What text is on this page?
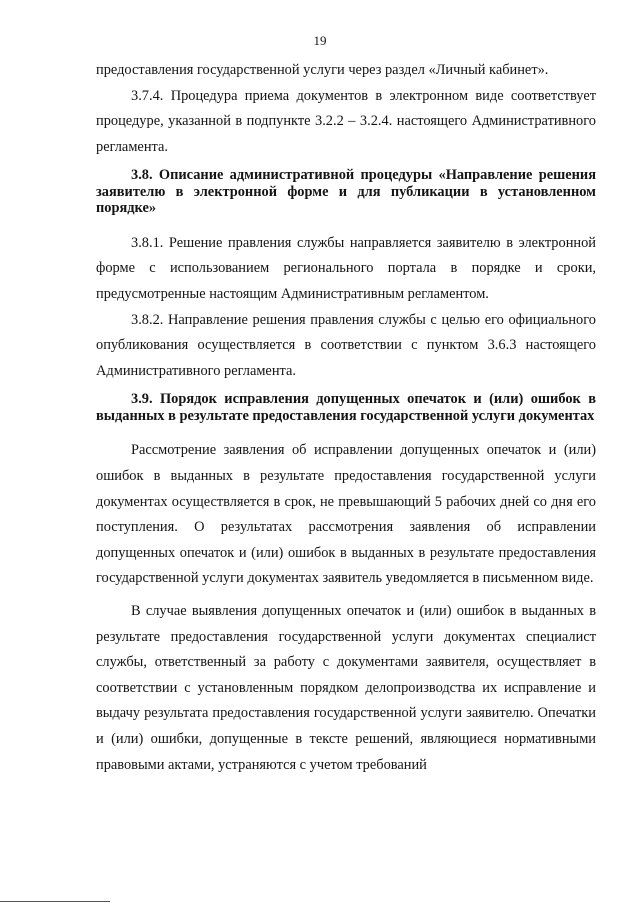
19

предоставления государственной услуги через раздел «Личный кабинет».

3.7.4. Процедура приема документов в электронном виде соответствует процедуре, указанной в подпункте 3.2.2 – 3.2.4. настоящего Административного регламента.

3.8. Описание административной процедуры «Направление решения заявителю в электронной форме и для публикации в установленном порядке»

3.8.1. Решение правления службы направляется заявителю в электронной форме с использованием регионального портала в порядке и сроки, предусмотренные настоящим Административным регламентом.

3.8.2. Направление решения правления службы с целью его официального опубликования осуществляется в соответствии с пунктом 3.6.3 настоящего Административного регламента.

3.9. Порядок исправления допущенных опечаток и (или) ошибок в выданных в результате предоставления государственной услуги документах

Рассмотрение заявления об исправлении допущенных опечаток и (или) ошибок в выданных в результате предоставления государственной услуги документах осуществляется в срок, не превышающий 5 рабочих дней со дня его поступления. О результатах рассмотрения заявления об исправлении допущенных опечаток и (или) ошибок в выданных в результате предоставления государственной услуги документах заявитель уведомляется в письменном виде.

В случае выявления допущенных опечаток и (или) ошибок в выданных в результате предоставления государственной услуги документах специалист службы, ответственный за работу с документами заявителя, осуществляет в соответствии с установленным порядком делопроизводства их исправление и выдачу результата предоставления государственной услуги заявителю. Опечатки и (или) ошибки, допущенные в тексте решений, являющиеся нормативными правовыми актами, устраняются с учетом требований
